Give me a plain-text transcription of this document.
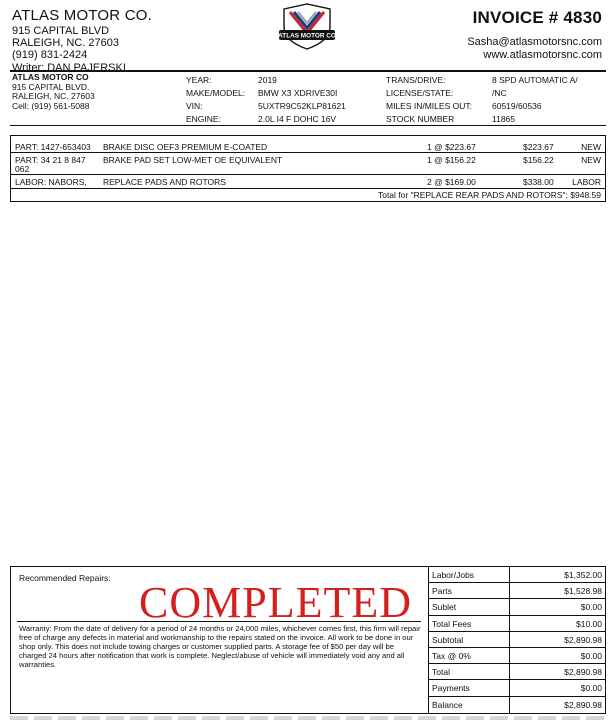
ATLAS MOTOR CO.
915 CAPITAL BLVD
RALEIGH, NC. 27603
(919) 831-2424
Writer: DAN PAJERSKI
ATLAS MOTOR CO
INVOICE # 4830
Sasha@atlasmotorsnc.com
www.atlasmotorsnc.com
ATLAS MOTOR CO
915 CAPITAL BLVD.
RALEIGH, NC. 27603
Cell: (919) 561-5088
YEAR:	2019	TRANS/DRIVE:	8 SPD AUTOMATIC A/
MAKE/MODEL: BMW X3 XDRIVE30I	LICENSE/STATE:	/NC
VIN:	5UXTR9C52KLP81621	MILES IN/MILES OUT: 60519/60536
ENGINE:	2.0L I4 F DOHC 16V	STOCK NUMBER	11865
PART: 1427-653403 BRAKE DISC OEF3 PREMIUM E-COATED	1 @ $223.67	$223.67	NEW
PART: 34 21 8 847 BRAKE PAD SET LOW-MET OE EQUIVALENT	1 @ $156.22	$156.22	NEW
062
LABOR: NABORS, REPLACE PADS AND ROTORS	2 @ $169.00	$338.00 LABOR
Total for "REPLACE REAR PADS AND ROTORS": $948.59
Recommended Repairs: COMPLETED
Warranty: From the date of delivery for a period of 24 months or 24,000 miles, whichever comes first, this firm will repair free of charge any defects in material and workmanship to the repairs stated on the invoice. All work to be done in our shop only. This does not include towing charges or customer supplied parts. A storage fee of $50 per day will be charged 24 hours after notification that work is complete. Neglect/abuse of vehicle will immediately void any and all warranties.
Labor/Jobs	$1,352.00
Parts	$1,528.98
Sublet	$0.00
Total Fees	$10.00
Subtotal	$2,890.98
Tax @ 0%	$0.00
Total	$2,890.98
Payments	$0.00
Balance	$2,890.98
